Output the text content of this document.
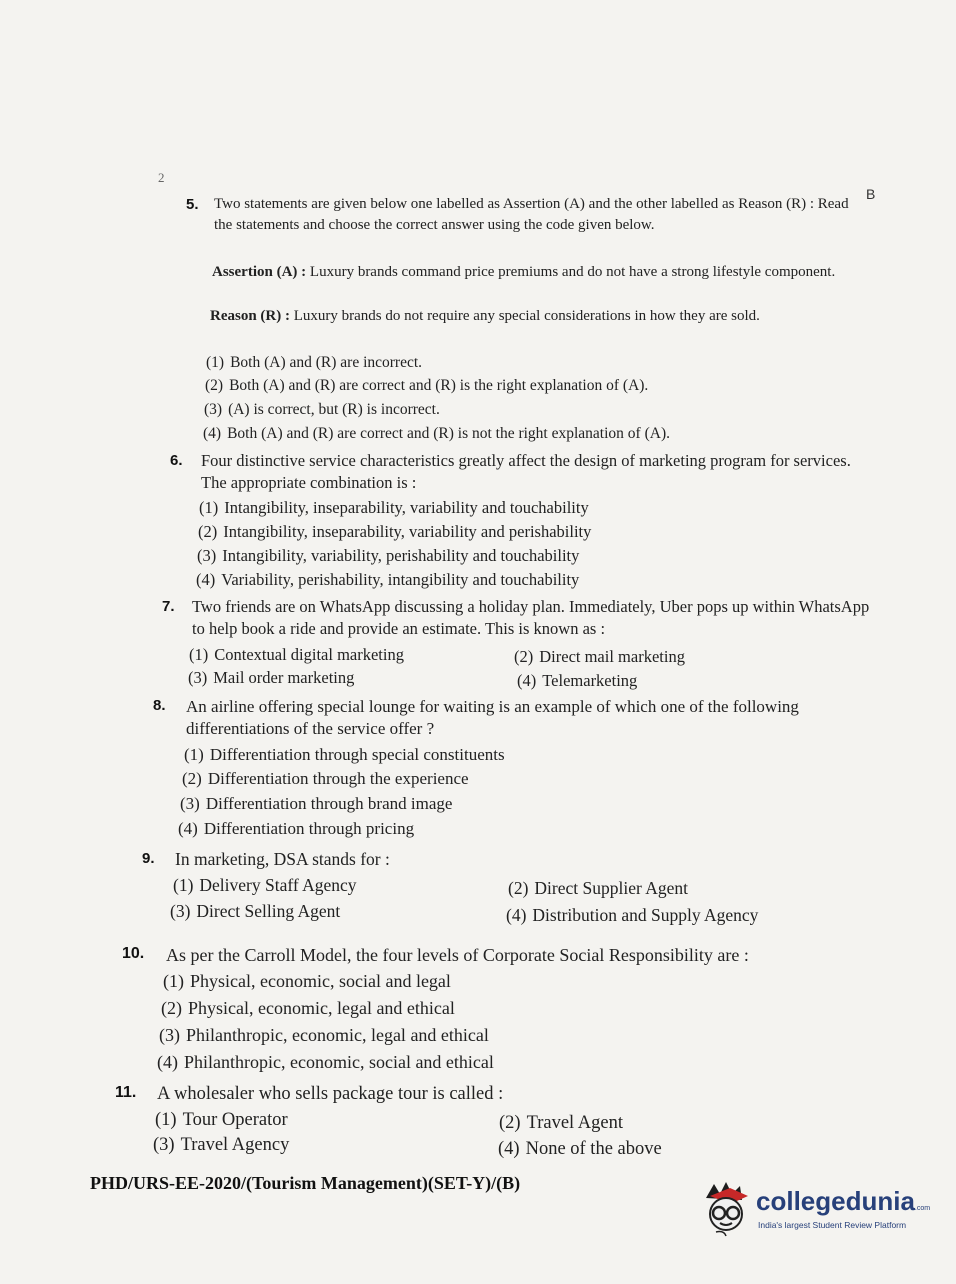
2
B
5. Two statements are given below one labelled as Assertion (A) and the other labelled as Reason (R) : Read the statements and choose the correct answer using the code given below.
Assertion (A) : Luxury brands command price premiums and do not have a strong lifestyle component.
Reason (R) : Luxury brands do not require any special considerations in how they are sold.
(1) Both (A) and (R) are incorrect.
(2) Both (A) and (R) are correct and (R) is the right explanation of (A).
(3) (A) is correct, but (R) is incorrect.
(4) Both (A) and (R) are correct and (R) is not the right explanation of (A).
6. Four distinctive service characteristics greatly affect the design of marketing program for services. The appropriate combination is :
(1) Intangibility, inseparability, variability and touchability
(2) Intangibility, inseparability, variability and perishability
(3) Intangibility, variability, perishability and touchability
(4) Variability, perishability, intangibility and touchability
7. Two friends are on WhatsApp discussing a holiday plan. Immediately, Uber pops up within WhatsApp to help book a ride and provide an estimate. This is known as :
(1) Contextual digital marketing	(2) Direct mail marketing
(3) Mail order marketing	(4) Telemarketing
8. An airline offering special lounge for waiting is an example of which one of the following differentiations of the service offer ?
(1) Differentiation through special constituents
(2) Differentiation through the experience
(3) Differentiation through brand image
(4) Differentiation through pricing
9. In marketing, DSA stands for :
(1) Delivery Staff Agency	(2) Direct Supplier Agent
(3) Direct Selling Agent	(4) Distribution and Supply Agency
10. As per the Carroll Model, the four levels of Corporate Social Responsibility are :
(1) Physical, economic, social and legal
(2) Physical, economic, legal and ethical
(3) Philanthropic, economic, legal and ethical
(4) Philanthropic, economic, social and ethical
11. A wholesaler who sells package tour is called :
(1) Tour Operator	(2) Travel Agent
(3) Travel Agency	(4) None of the above
PHD/URS-EE-2020/(Tourism Management)(SET-Y)/(B)
collegedunia.com
India's largest Student Review Platform
